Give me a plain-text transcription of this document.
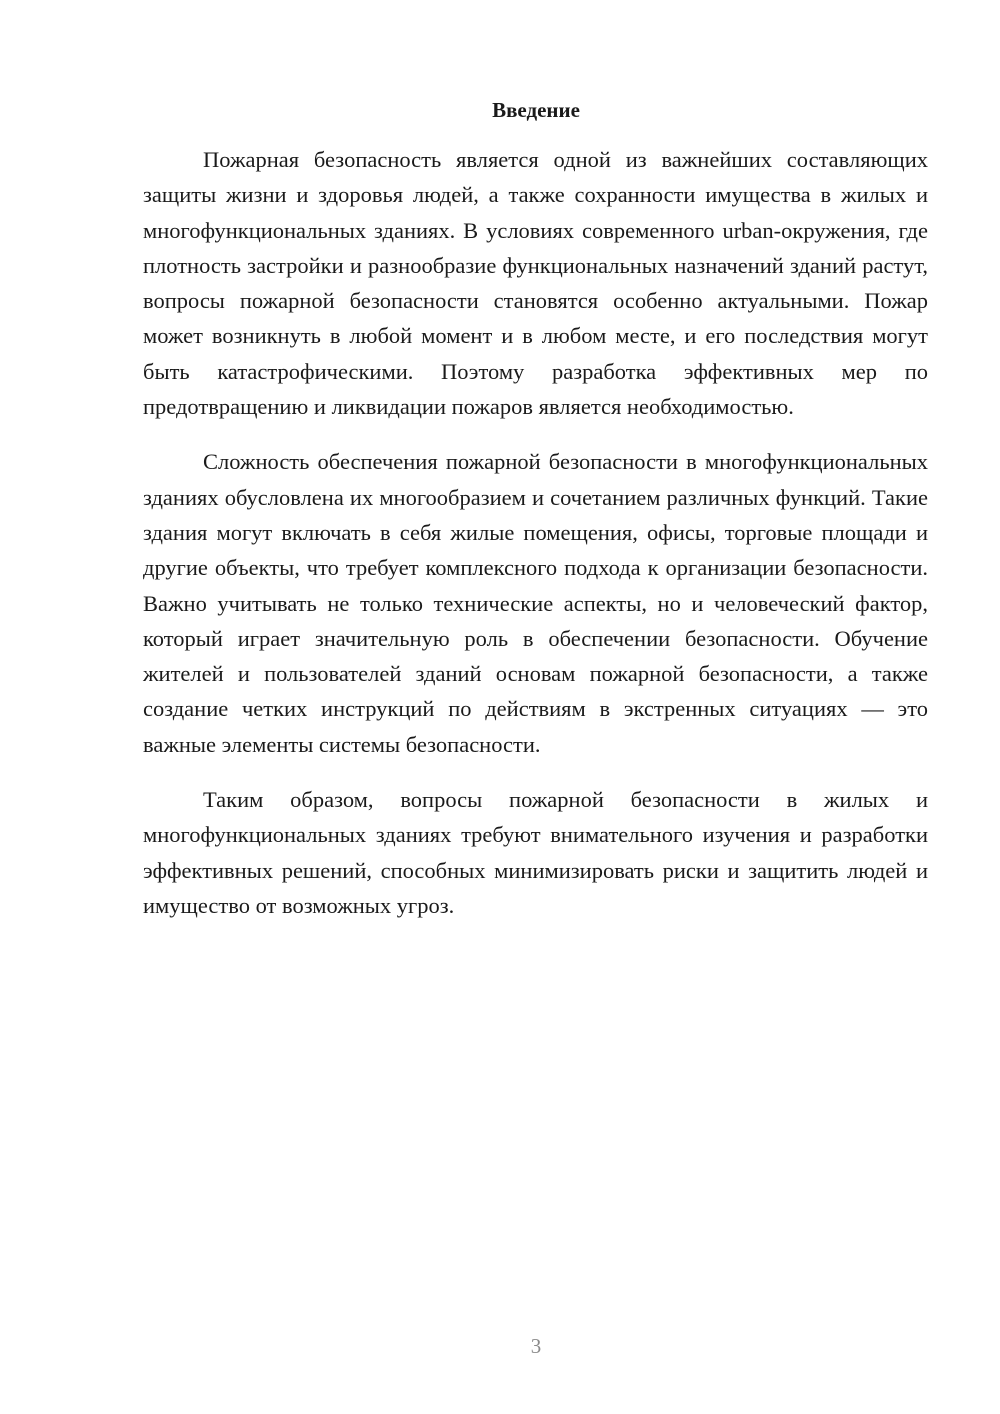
Введение

Пожарная безопасность является одной из важнейших составляющих защиты жизни и здоровья людей, а также сохранности имущества в жилых и многофункциональных зданиях. В условиях современного urban-окружения, где плотность застройки и разнообразие функциональных назначений зданий растут, вопросы пожарной безопасности становятся особенно актуальными. Пожар может возникнуть в любой момент и в любом месте, и его последствия могут быть катастрофическими. Поэтому разработка эффективных мер по предотвращению и ликвидации пожаров является необходимостью.

Сложность обеспечения пожарной безопасности в многофункциональных зданиях обусловлена их многообразием и сочетанием различных функций. Такие здания могут включать в себя жилые помещения, офисы, торговые площади и другие объекты, что требует комплексного подхода к организации безопасности. Важно учитывать не только технические аспекты, но и человеческий фактор, который играет значительную роль в обеспечении безопасности. Обучение жителей и пользователей зданий основам пожарной безопасности, а также создание четких инструкций по действиям в экстренных ситуациях — это важные элементы системы безопасности.

Таким образом, вопросы пожарной безопасности в жилых и многофункциональных зданиях требуют внимательного изучения и разработки эффективных решений, способных минимизировать риски и защитить людей и имущество от возможных угроз.

3
